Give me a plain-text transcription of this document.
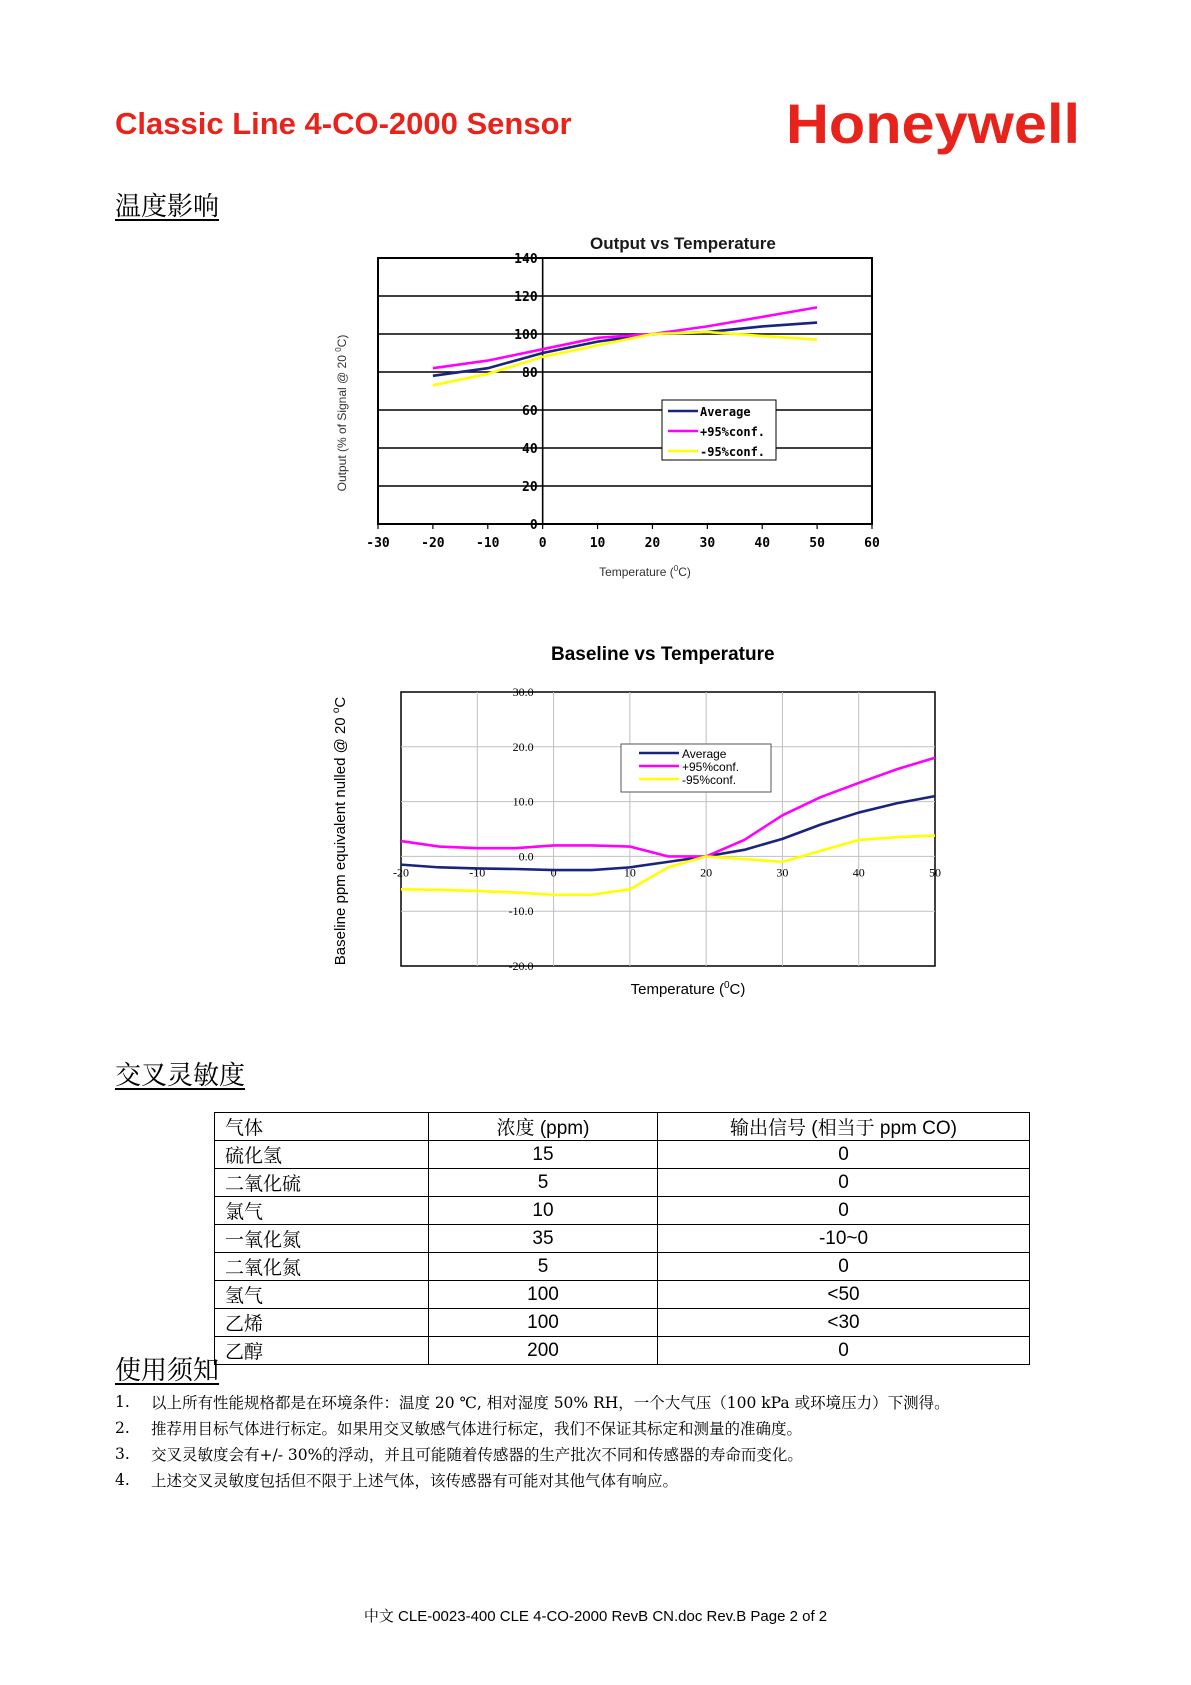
Classic Line 4-CO-2000 Sensor	Honeywell
温度影响
Output vs Temperature
0
20
40
60
80
100
120
140
-30 -20 -10	0	10	20	30	40	50	60
Average
+95%conf.
-95%conf.
Temperature ($^0$C)
Output (% of Signal @ 20 $^0$C)
Baseline vs Temperature
30.0
20.0
10.0
0.0
-10.0
-20.0
-20	-10	0	10	20	30	40	50
Average
+95%conf.
-95%conf.
Temperature ($^0$C)
Baseline ppm equivalent nulled @ 20 $^o$C
交叉灵敏度
气体	浓度 (ppm)	输出信号 (相当于 ppm CO)
硫化氢	15	0
二氧化硫	5	0
氯气	10	0
一氧化氮	35	-10~0
二氧化氮	5	0
氢气	100	<50
乙烯	100	<30
乙醇	200	0
使用须知
1.	以上所有性能规格都是在环境条件：温度 20 ℃, 相对湿度 50% RH，一个大气压（100 kPa 或环境压力）下测得。
2.	推荐用目标气体进行标定。如果用交叉敏感气体进行标定，我们不保证其标定和测量的准确度。
3.	交叉灵敏度会有+/- 30%的浮动，并且可能随着传感器的生产批次不同和传感器的寿命而变化。
4.	上述交叉灵敏度包括但不限于上述气体，该传感器有可能对其他气体有响应。
中文 CLE-0023-400 CLE 4-CO-2000 RevB CN.doc Rev.B Page 2 of 2
